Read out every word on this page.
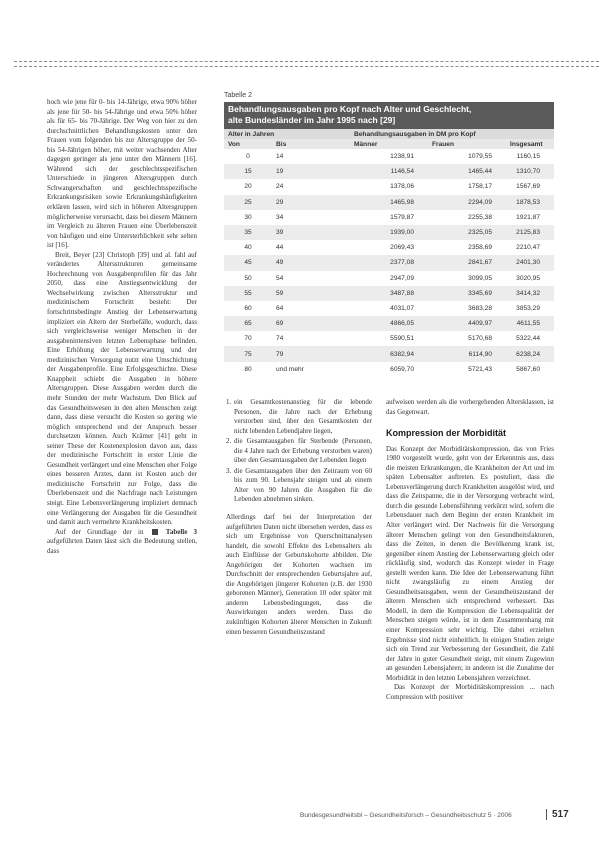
hoch wie jene für 0- bis 14-Jährige, etwa 90% höher als jene für 50- bis 54-Jährige und etwa 50% höher als für 65- bis 70-Jährige. Der Weg von hier zu den durchschnittlichen Behandlungskosten unter den Frauen vom folgenden bis zur Altersgruppe der 50- bis 54-Jährigen höher, mit weiter wachsenden Alter dagegen geringer als jene unter den Männern [16]. Während sich der geschlechtsspezifischen Unterschiede in jüngeren Altersgruppen durch Schwangerschaften und geschlechtsspezifische Erkrankungsrisiken sowie Erkrankungshäufigkeiten erklären lassen, wird sich in höheren Altersgruppen möglicherweise verursacht, dass bei diesem Männern im Vergleich zu älteren Frauen eine Überlebenszeit von häufigen und eine Untersterblichkeit sehr selten ist [16].

Breit, Beyer [23] Christoph [39] und al. fahl auf verändertes Altersstrukturen gemeinsame Hochrechnung von Ausgabenprofilen für das Jahr 2050, dass eine Anstiegsentwicklung der Wechselwirkung zwischen Altersstruktur und medizinischem Fortschritt besteht: Der fortschrittsbedingte Anstieg der Lebenserwartung impliziert ein Altern der Sterbefälle, wodurch, dass sich vergleichsweise weniger Menschen in der ausgabenintensiven letzten Lebensphase befinden. Eine Erhöhung der Lebenserwartung und der medizinischen Versorgung nutzt eine Umschichtung der Ausgabenprofile. Eine Erfolgsgeschichte. Diese Knappheit schiebt die Ausgaben in höhere Altersgruppen. Diese Ausgaben werden durch die mehr Stunden der mehr Wachstum. Den Blick auf das Gesundheitswesen in den alten Menschen zeigt dann, dass diese versucht die Kosten so gering wie möglich entsprechend und der Anspruch besser durchsetzen können. Auch Krämer [41] geht in seiner These der Kostenexplosion davon aus, dass der medizinische Fortschritt in erster Linie die Gesundheit verlängert und eine Menschen eher Folge eines besseren Arztes, dann ist Kosten auch der medizinische Fortschritt zur Folge, dass die Überlebenszeit und die Nachfrage nach Leistungen steigt. Eine Lebensverlängerung impliziert demnach eine Verlängerung der Ausgaben für die Gesundheit und damit auch vermehrte Krankheitskosten.

Auf der Grundlage der in	Tabelle 3 aufgeführten Daten lässt sich die Bedeutung stellen, dass

Tabelle 2
Behandlungsausgaben pro Kopf nach Alter und Geschlecht,
alte Bundesländer im Jahr 1995 nach [29]
Alter in Jahren		Behandlungsausgaben in DM pro Kopf		
Von	Bis	Männer	Frauen	Insgesamt
0	14	1238,91	1079,55	1160,15
15	19	1146,54	1465,44	1310,70
20	24	1378,06	1758,17	1567,69
25	29	1465,98	2294,09	1878,53
30	34	1579,87	2255,38	1921,87
35	39	1939,00	2325,05	2125,83
40	44	2069,43	2358,69	2210,47
45	49	2377,08	2841,67	2401,30
50	54	2947,09	3099,05	3020,95
55	59	3487,88	3345,69	3414,32
60	64	4031,07	3683,28	3853,29
65	69	4866,05	4409,97	4611,55
70	74	5590,51	5170,68	5322,44
75	79	6382,94	6114,90	6238,24
80	und mehr	6059,70	5721,43	5867,60
1. ein Gesamtkostenanstieg für die lebende Personen, die Jahre nach der Erhebung verstorben sind, über den Gesamtkosten der nicht lebenden Lebendjahre liegen,
2. die Gesamtausgaben für Sterbende (Personen, die 4 Jahre nach der Erhebung verstorben waren) über den Gesamtausgaben der Lebenden liegen
3. die Gesamtausgaben über den Zeitraum von 60 bis zum 90. Lebensjahr steigen und ab einem Alter von 90 Jahren die Ausgaben für die Lebenden abnehmen sinken.

Allerdings darf bei der Interpretation der aufgeführten Daten nicht übersehen werden, dass es sich um Ergebnisse von Querschnittanalysen handelt, die sowohl Effekte des Lebensalters als auch Einflüsse der Geburtskohorte abbilden. Die Angehörigen der Kohorten wachsen im Durchschnitt der entsprechenden Geburtsjahre auf, die Angehörigen jüngerer Kohorten (z.B. der 1930 geborenen Männer), Generation 10 oder später mit anderen Lebensbedingungen, dass die Auswirkungen anders werden. Dass die zukünftigen Kohorten älterer Menschen in Zukunft einen besseren Gesundheitszustand

aufweisen werden als die vorhergehenden Altersklassen, ist das Gegenwart.

Kompression der Morbidität

Das Konzept der Morbiditätskompression, das von Fries 1980 vorgestellt wurde, geht von der Erkenntnis aus, dass die meisten Erkrankungen, die Krankheiten der Art und im späten Lebensalter auftreten. Es postuliert, dass die Lebensverlängerung durch Krankheiten ausgelöst wird, und dass die Zeitspanne, die in der Versorgung verbracht wird, durch die gesunde Lebensführung verkürzt wird, sofern die Lebensdauer nach dem Beginn der ersten Krankheit im Alter verlängert wird. Der Nachweis für die Versorgung älterer Menschen gelingt von den Gesundheitsfaktoren, dass die Zeiten, in denen die Bevölkerung krank ist, gegenüber einem Anstieg der Lebenserwartung gleich oder rückläufig sind, wodurch das Konzept wieder in Frage gestellt werden kann. Die Idee der Lebenserwartung führt nicht zwangsläufig zu einem Anstieg der Gesundheitsausgaben, wenn der Gesundheitszustand der älteren Menschen sich entsprechend verbessert. Das Modell, in dem die Kompression die Lebensqualität der Menschen steigen würde, ist in dem Zusammenhang mit einer Kompression sehr wichtig. Die dabei erzielten Ergebnisse sind nicht einheitlich. In einigen Studien zeigte sich ein Trend zur Verbesserung der Gesundheit, die Zahl der Jahre in guter Gesundheit steigt, mit einem Zugewinn an gesunden Lebensjahren; in anderen ist die Zunahme der Morbidität in den letzten Lebensjahren verzeichnet.

Das Konzept der Morbiditätskompression ... nach Compression with positiver

Bundesgesundheitsbl – Gesundheitsforsch – Gesundheitsschutz 5 · 2006	517
